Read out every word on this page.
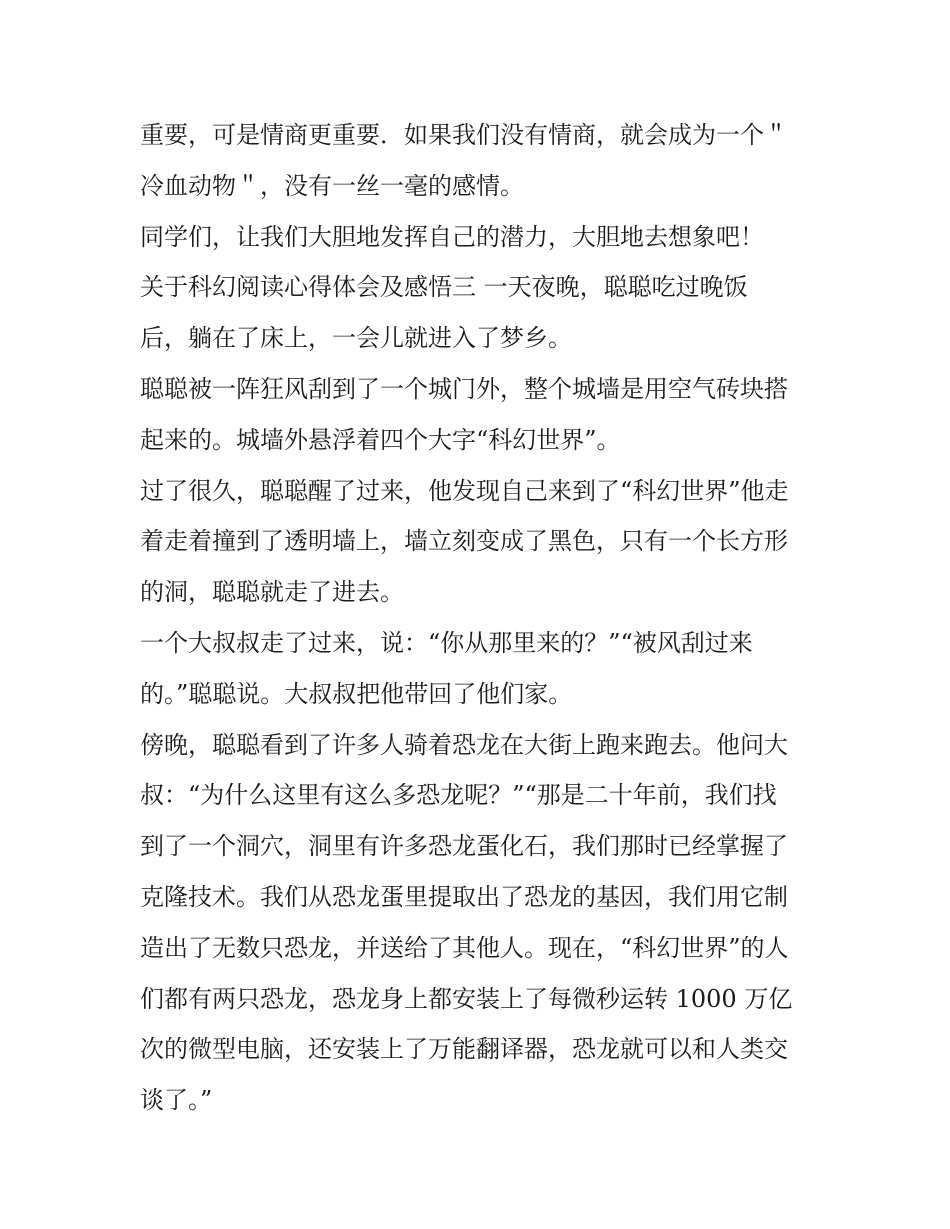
重要，可是情商更重要．如果我们没有情商，就会成为一个＂
冷血动物＂，没有一丝一毫的感情。
同学们，让我们大胆地发挥自己的潜力，大胆地去想象吧！
关于科幻阅读心得体会及感悟三 一天夜晚，聪聪吃过晚饭
后，躺在了床上，一会儿就进入了梦乡。
聪聪被一阵狂风刮到了一个城门外，整个城墙是用空气砖块搭
起来的。城墙外悬浮着四个大字“科幻世界”。
过了很久，聪聪醒了过来，他发现自己来到了“科幻世界”他走
着走着撞到了透明墙上，墙立刻变成了黑色，只有一个长方形
的洞，聪聪就走了进去。
一个大叔叔走了过来，说：“你从那里来的？”“被风刮过来
的。”聪聪说。大叔叔把他带回了他们家。
傍晚，聪聪看到了许多人骑着恐龙在大街上跑来跑去。他问大
叔：“为什么这里有这么多恐龙呢？”“那是二十年前，我们找
到了一个洞穴，洞里有许多恐龙蛋化石，我们那时已经掌握了
克隆技术。我们从恐龙蛋里提取出了恐龙的基因，我们用它制
造出了无数只恐龙，并送给了其他人。现在，“科幻世界”的人
们都有两只恐龙，恐龙身上都安装上了每微秒运转 1000 万亿
次的微型电脑，还安装上了万能翻译器，恐龙就可以和人类交
谈了。”
